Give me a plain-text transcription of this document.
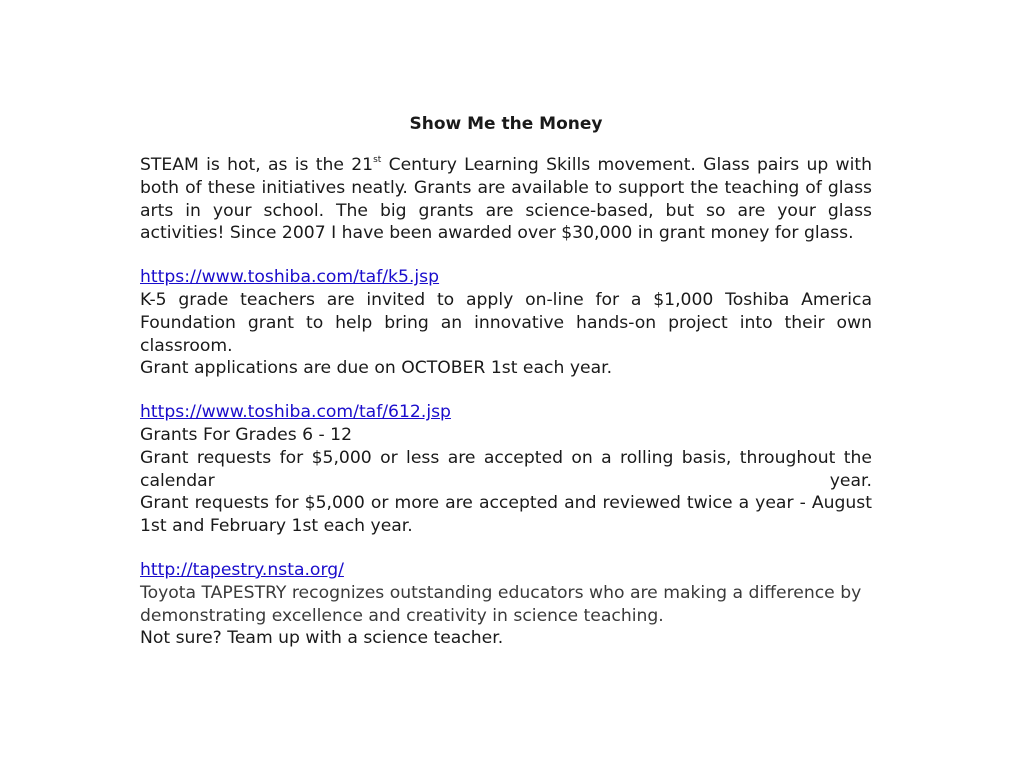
Show Me the Money

STEAM is hot, as is the 21st Century Learning Skills movement. Glass pairs up with both of these initiatives neatly. Grants are available to support the teaching of glass arts in your school. The big grants are science-based, but so are your glass activities! Since 2007 I have been awarded over $30,000 in grant money for glass.

https://www.toshiba.com/taf/k5.jsp

K-5 grade teachers are invited to apply on-line for a $1,000 Toshiba America Foundation grant to help bring an innovative hands-on project into their own classroom.

Grant applications are due on OCTOBER 1st each year.
https://www.toshiba.com/taf/612.jsp
Grants For Grades 6 - 12

Grant requests for $5,000 or less are accepted on a rolling basis, throughout the calendar year.

Grant requests for $5,000 or more are accepted and reviewed twice a year - August 1st and February 1st each year.

http://tapestry.nsta.org/

Toyota TAPESTRY recognizes outstanding educators who are making a difference by demonstrating excellence and creativity in science teaching.

Not sure? Team up with a science teacher.
